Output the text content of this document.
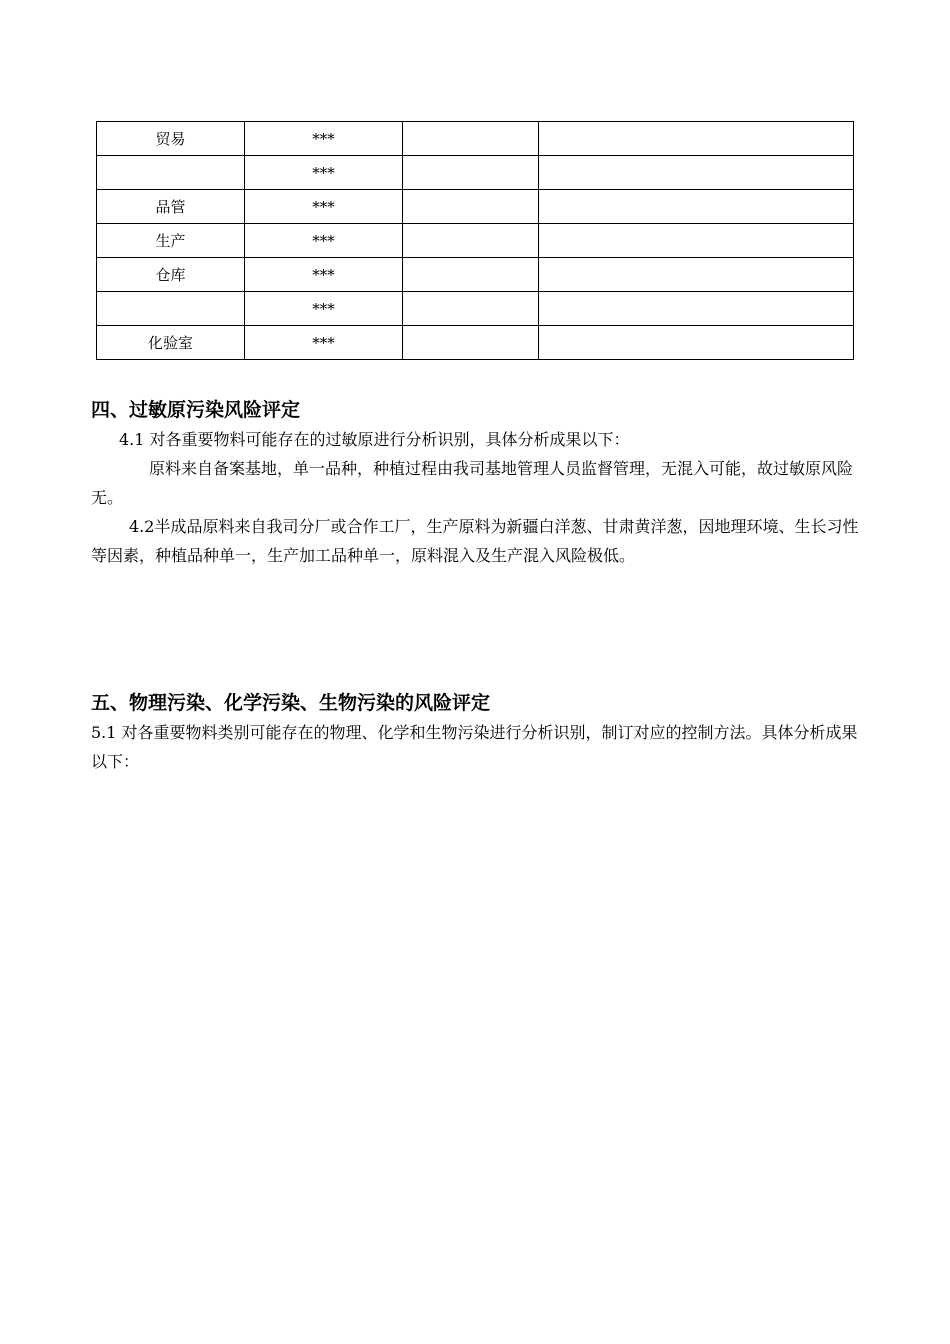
贸易	***		
	***		
品管	***		
生产	***		
仓库	***		
	***		
化验室	***		
四、过敏原污染风险评定

4.1 对各重要物料可能存在的过敏原进行分析识别，具体分析成果以下：

原料来自备案基地，单一品种，种植过程由我司基地管理人员监督管理，无混入可能，故过敏原风险无。

4.2半成品原料来自我司分厂或合作工厂，生产原料为新疆白洋葱、甘肃黄洋葱，因地理环境、生长习性等因素，种植品种单一，生产加工品种单一，原料混入及生产混入风险极低。

五、物理污染、化学污染、生物污染的风险评定

5.1 对各重要物料类别可能存在的物理、化学和生物污染进行分析识别，制订对应的控制方法。具体分析成果以下：
